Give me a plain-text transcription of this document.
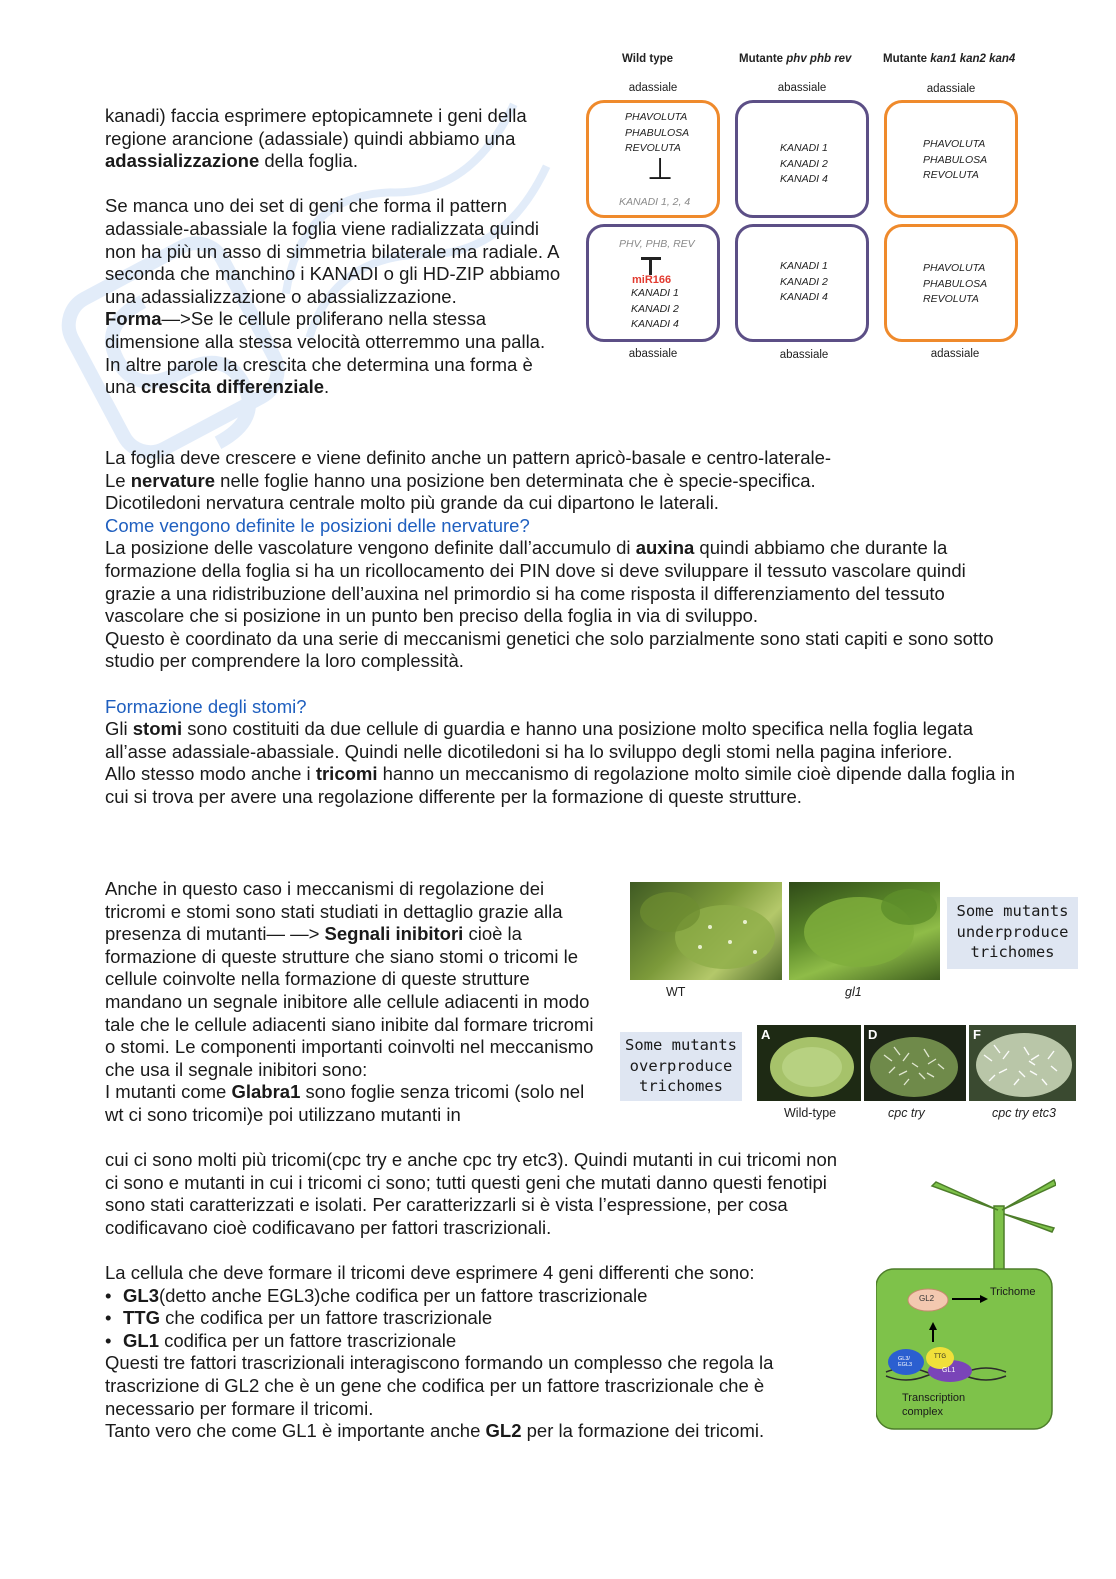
Wild type	Mutante phv phb rev	Mutante kan1 kan2 kan4
adassiale	abassiale	adassiale
PHAVOLUTA
PHABULOSA
REVOLUTA
⊥
KANADI 1, 2, 4
PHV, PHB, REV
miR166
KANADI 1
KANADI 2
KANADI 4
KANADI 1
KANADI 2
KANADI 4
KANADI 1
KANADI 2
KANADI 4
PHAVOLUTA
PHABULOSA
REVOLUTA
PHAVOLUTA
PHABULOSA
REVOLUTA
abassiale	abassiale	adassiale

kanadi) faccia esprimere eptopicamnete i geni della regione arancione (adassiale) quindi abbiamo una adassializzazione della foglia.

Se manca uno dei set di geni che forma il pattern adassiale-abassiale la foglia viene radializzata quindi non ha più un asso di simmetria bilaterale ma radiale. A seconda che manchino i KANADI o gli HD-ZIP abbiamo una adassializzazione o abassializzazione.

Forma—>Se le cellule proliferano nella stessa dimensione alla stessa velocità otterremmo una palla. In altre parole la crescita che determina una forma è una crescita differenziale.

La foglia deve crescere e viene definito anche un pattern apricò-basale e centro-laterale-

Le nervature nelle foglie hanno una posizione ben determinata che è specie-specifica.

Dicotiledoni nervatura centrale molto più grande da cui dipartono le laterali.

Come vengono definite le posizioni delle nervature?

La posizione delle vascolature vengono definite dall’accumulo di auxina quindi abbiamo che durante la formazione della foglia si ha un ricollocamento dei PIN dove si deve sviluppare il tessuto vascolare quindi grazie a una ridistribuzione dell’auxina nel primordio si ha come risposta il differenziamento del tessuto vascolare che si posizione in un punto ben preciso della foglia in via di sviluppo.

Questo è coordinato da una serie di meccanismi genetici che solo parzialmente sono stati capiti e sono sotto studio per comprendere la loro complessità.

Formazione degli stomi?

Gli stomi sono costituiti da due cellule di guardia e hanno una posizione molto specifica nella foglia legata all’asse adassiale-abassiale. Quindi nelle dicotiledoni si ha lo sviluppo degli stomi nella pagina inferiore.

Allo stesso modo anche i tricomi hanno un meccanismo di regolazione molto simile cioè dipende dalla foglia in cui si trova per avere una regolazione differente per la formazione di queste strutture.

Anche in questo caso i meccanismi di regolazione dei tricromi e stomi sono stati studiati in dettaglio grazie alla presenza di mutanti— —> Segnali inibitori cioè la formazione di queste strutture che siano stomi o tricomi le cellule coinvolte nella formazione di queste strutture mandano un segnale inibitore alle cellule adiacenti in modo tale che le cellule adiacenti siano inibite dal formare tricromi o stomi. Le componenti importanti coinvolti nel meccanismo che usa il segnale inibitori sono:

I mutanti come Glabra1 sono foglie senza tricomi (solo nel wt ci sono tricomi)e poi utilizzano mutanti in

cui ci sono molti più tricomi(cpc try e anche cpc try etc3). Quindi mutanti in cui tricomi non ci sono e mutanti in cui i tricomi ci sono; tutti questi geni che mutati danno questi fenotipi sono stati caratterizzati e isolati. Per caratterizzarli si è vista l’espressione, per cosa codificavano cioè codificavano per fattori trascrizionali.

La cellula che deve formare il tricomi deve esprimere 4 geni differenti che sono:

• GL3(detto anche EGL3)che codifica per un fattore trascrizionale
• TTG che codifica per un fattore trascrizionale
• GL1 codifica per un fattore trascrizionale

Questi tre fattori trascrizionali interagiscono formando un complesso che regola la trascrizione di GL2 che è un gene che codifica per un fattore trascrizionale che è necessario per formare il tricomi.

Tanto vero che come GL1 è importante anche GL2 per la formazione dei tricomi.

WT	gl1
Some mutants
underproduce
trichomes
Some mutants
overproduce
trichomes
A	D	F
Wild-type	cpc try	cpc try etc3
GL2
Trichome
GL3/ EGL3
TTG
GL1
Transcription complex
